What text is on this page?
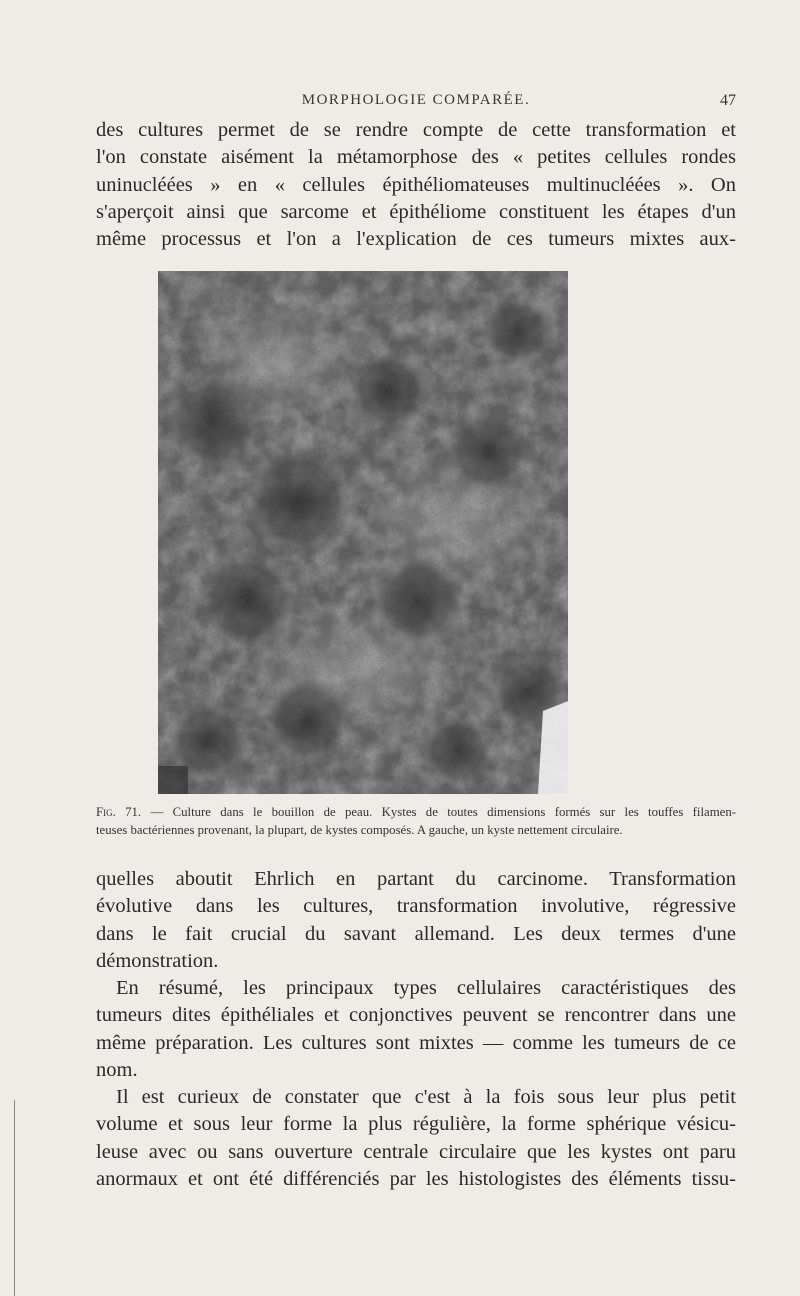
MORPHOLOGIE COMPARÉE.	47

des cultures permet de se rendre compte de cette transformation et
l'on constate aisément la métamorphose des « petites cellules rondes
uninucléées » en « cellules épithéliomateuses multinucléées ». On
s'aperçoit ainsi que sarcome et épithéliome constituent les étapes d'un
même processus et l'on a l'explication de ces tumeurs mixtes aux-

Fig. 71. — Culture dans le bouillon de peau. Kystes de toutes dimensions formés sur les touffes filamen-
teuses bactériennes provenant, la plupart, de kystes composés. A gauche, un kyste nettement circulaire.

quelles aboutit Ehrlich en partant du carcinome. Transformation
évolutive dans les cultures, transformation involutive, régressive
dans le fait crucial du savant allemand. Les deux termes d'une
démonstration.

En résumé, les principaux types cellulaires caractéristiques des
tumeurs dites épithéliales et conjonctives peuvent se rencontrer dans une
même préparation. Les cultures sont mixtes — comme les tumeurs de ce
nom.

Il est curieux de constater que c'est à la fois sous leur plus petit
volume et sous leur forme la plus régulière, la forme sphérique vésicu-
leuse avec ou sans ouverture centrale circulaire que les kystes ont paru
anormaux et ont été différenciés par les histologistes des éléments tissu-
